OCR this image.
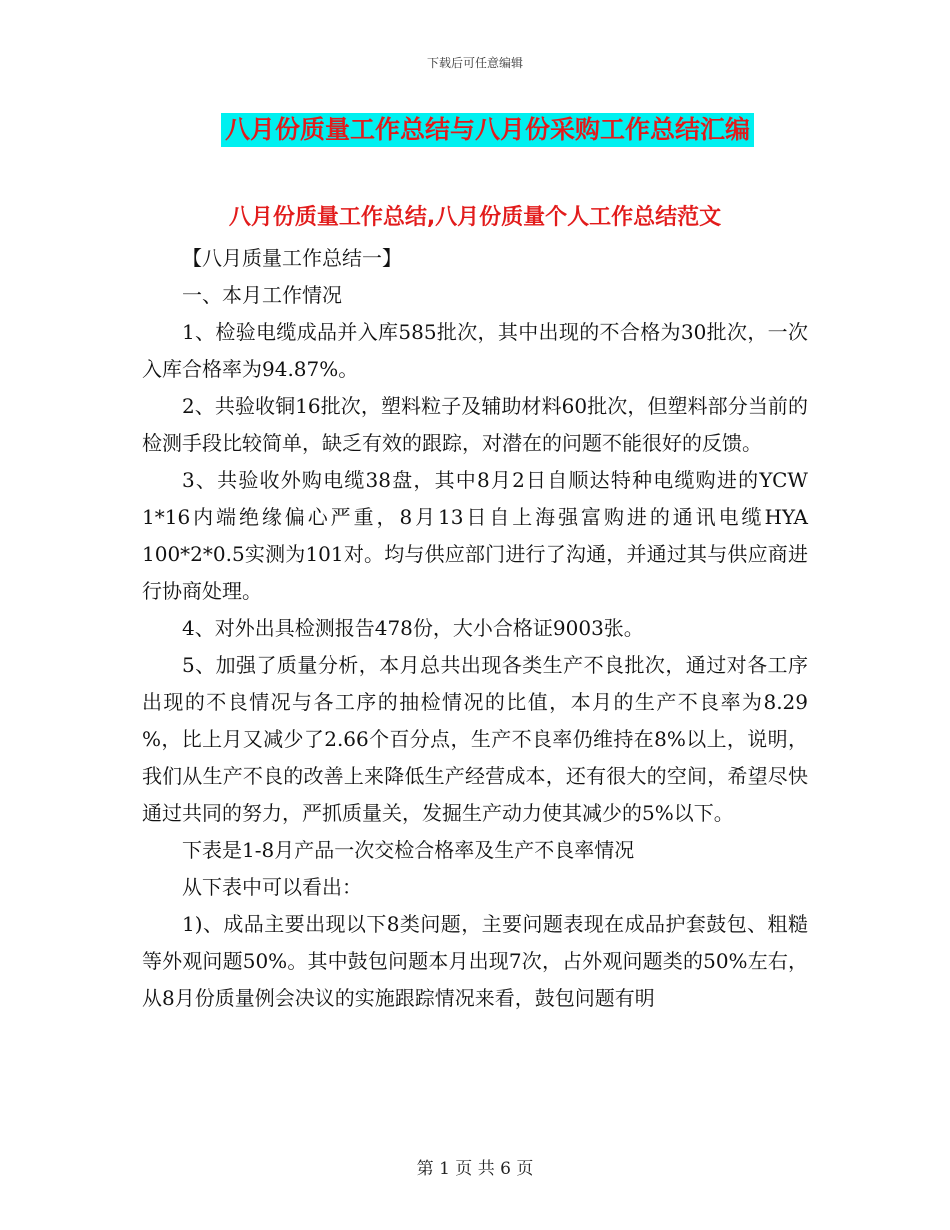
下载后可任意编辑
八月份质量工作总结与八月份采购工作总结汇编
八月份质量工作总结,八月份质量个人工作总结范文

【八月质量工作总结一】

一、本月工作情况

1、检验电缆成品并入库585批次，其中出现的不合格为30批次，一次入库合格率为94.87%。

2、共验收铜16批次，塑料粒子及辅助材料60批次，但塑料部分当前的检测手段比较简单，缺乏有效的跟踪，对潜在的问题不能很好的反馈。

3、共验收外购电缆38盘，其中8月2日自顺达特种电缆购进的YCW 1*16内端绝缘偏心严重，8月13日自上海强富购进的通讯电缆HYA 100*2*0.5实测为101对。均与供应部门进行了沟通，并通过其与供应商进行协商处理。

4、对外出具检测报告478份，大小合格证9003张。

5、加强了质量分析，本月总共出现各类生产不良批次，通过对各工序出现的不良情况与各工序的抽检情况的比值，本月的生产不良率为8.29 %，比上月又减少了2.66个百分点，生产不良率仍维持在8%以上，说明，我们从生产不良的改善上来降低生产经营成本，还有很大的空间，希望尽快通过共同的努力，严抓质量关，发掘生产动力使其减少的5%以下。

下表是1-8月产品一次交检合格率及生产不良率情况

从下表中可以看出：

1)、成品主要出现以下8类问题，主要问题表现在成品护套鼓包、粗糙等外观问题50%。其中鼓包问题本月出现7次，占外观问题类的50%左右，从8月份质量例会决议的实施跟踪情况来看，鼓包问题有明

第 1 页 共 6 页
